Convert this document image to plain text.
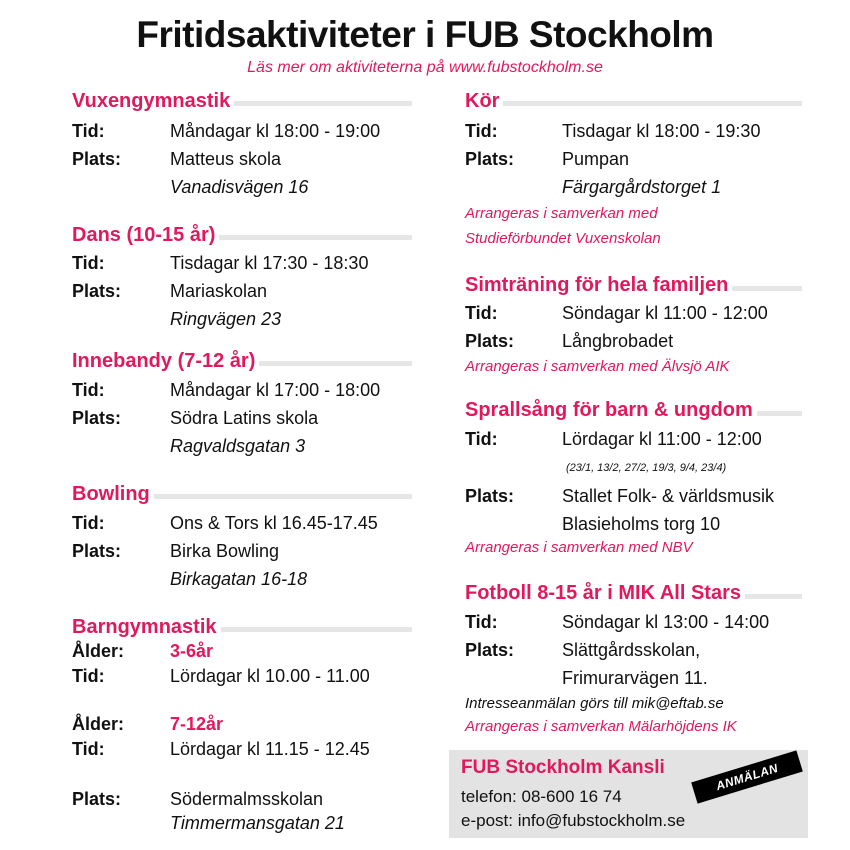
Fritidsaktiviteter i FUB Stockholm
Läs mer om aktiviteterna på www.fubstockholm.se
Vuxengymnastik
Tid:	Måndagar kl 18:00 - 19:00
Plats:	Matteus skola
Vanadisvägen 16
Dans (10-15 år)
Tid:	Tisdagar kl 17:30 - 18:30
Plats:	Mariaskolan
Ringvägen 23
Innebandy (7-12 år)
Tid:	Måndagar kl 17:00 - 18:00
Plats:	Södra Latins skola
Ragvaldsgatan 3
Bowling
Tid:	Ons & Tors kl 16.45-17.45
Plats:	Birka Bowling
Birkagatan 16-18
Barngymnastik
Ålder:	3-6år
Tid:	Lördagar kl 10.00 - 11.00
Ålder:	7-12år
Tid:	Lördagar kl 11.15 - 12.45
Plats:	Södermalmsskolan
Timmermansgatan 21
Kör
Tid:	Tisdagar kl 18:00 - 19:30
Plats:	Pumpan
Färgargårdstorget 1
Arrangeras i samverkan med
Studieförbundet Vuxenskolan
Simträning för hela familjen
Tid:	Söndagar kl 11:00 - 12:00
Plats:	Långbrobadet
Arrangeras i samverkan med Älvsjö AIK
Sprallsång för barn & ungdom
Tid:	Lördagar kl 11:00 - 12:00
(23/1, 13/2, 27/2, 19/3, 9/4, 23/4)
Plats:	Stallet Folk- & världsmusik
Blasieholms torg 10
Arrangeras i samverkan med NBV
Fotboll 8-15 år i MIK All Stars
Tid:	Söndagar kl 13:00 - 14:00
Plats:	Slättgårdsskolan,
Frimurarvägen 11.
Intresseanmälan görs till mik@eftab.se
Arrangeras i samverkan Mälarhöjdens IK
FUB Stockholm Kansli
telefon: 08-600 16 74
e-post: info@fubstockholm.se
ANMÄLAN
